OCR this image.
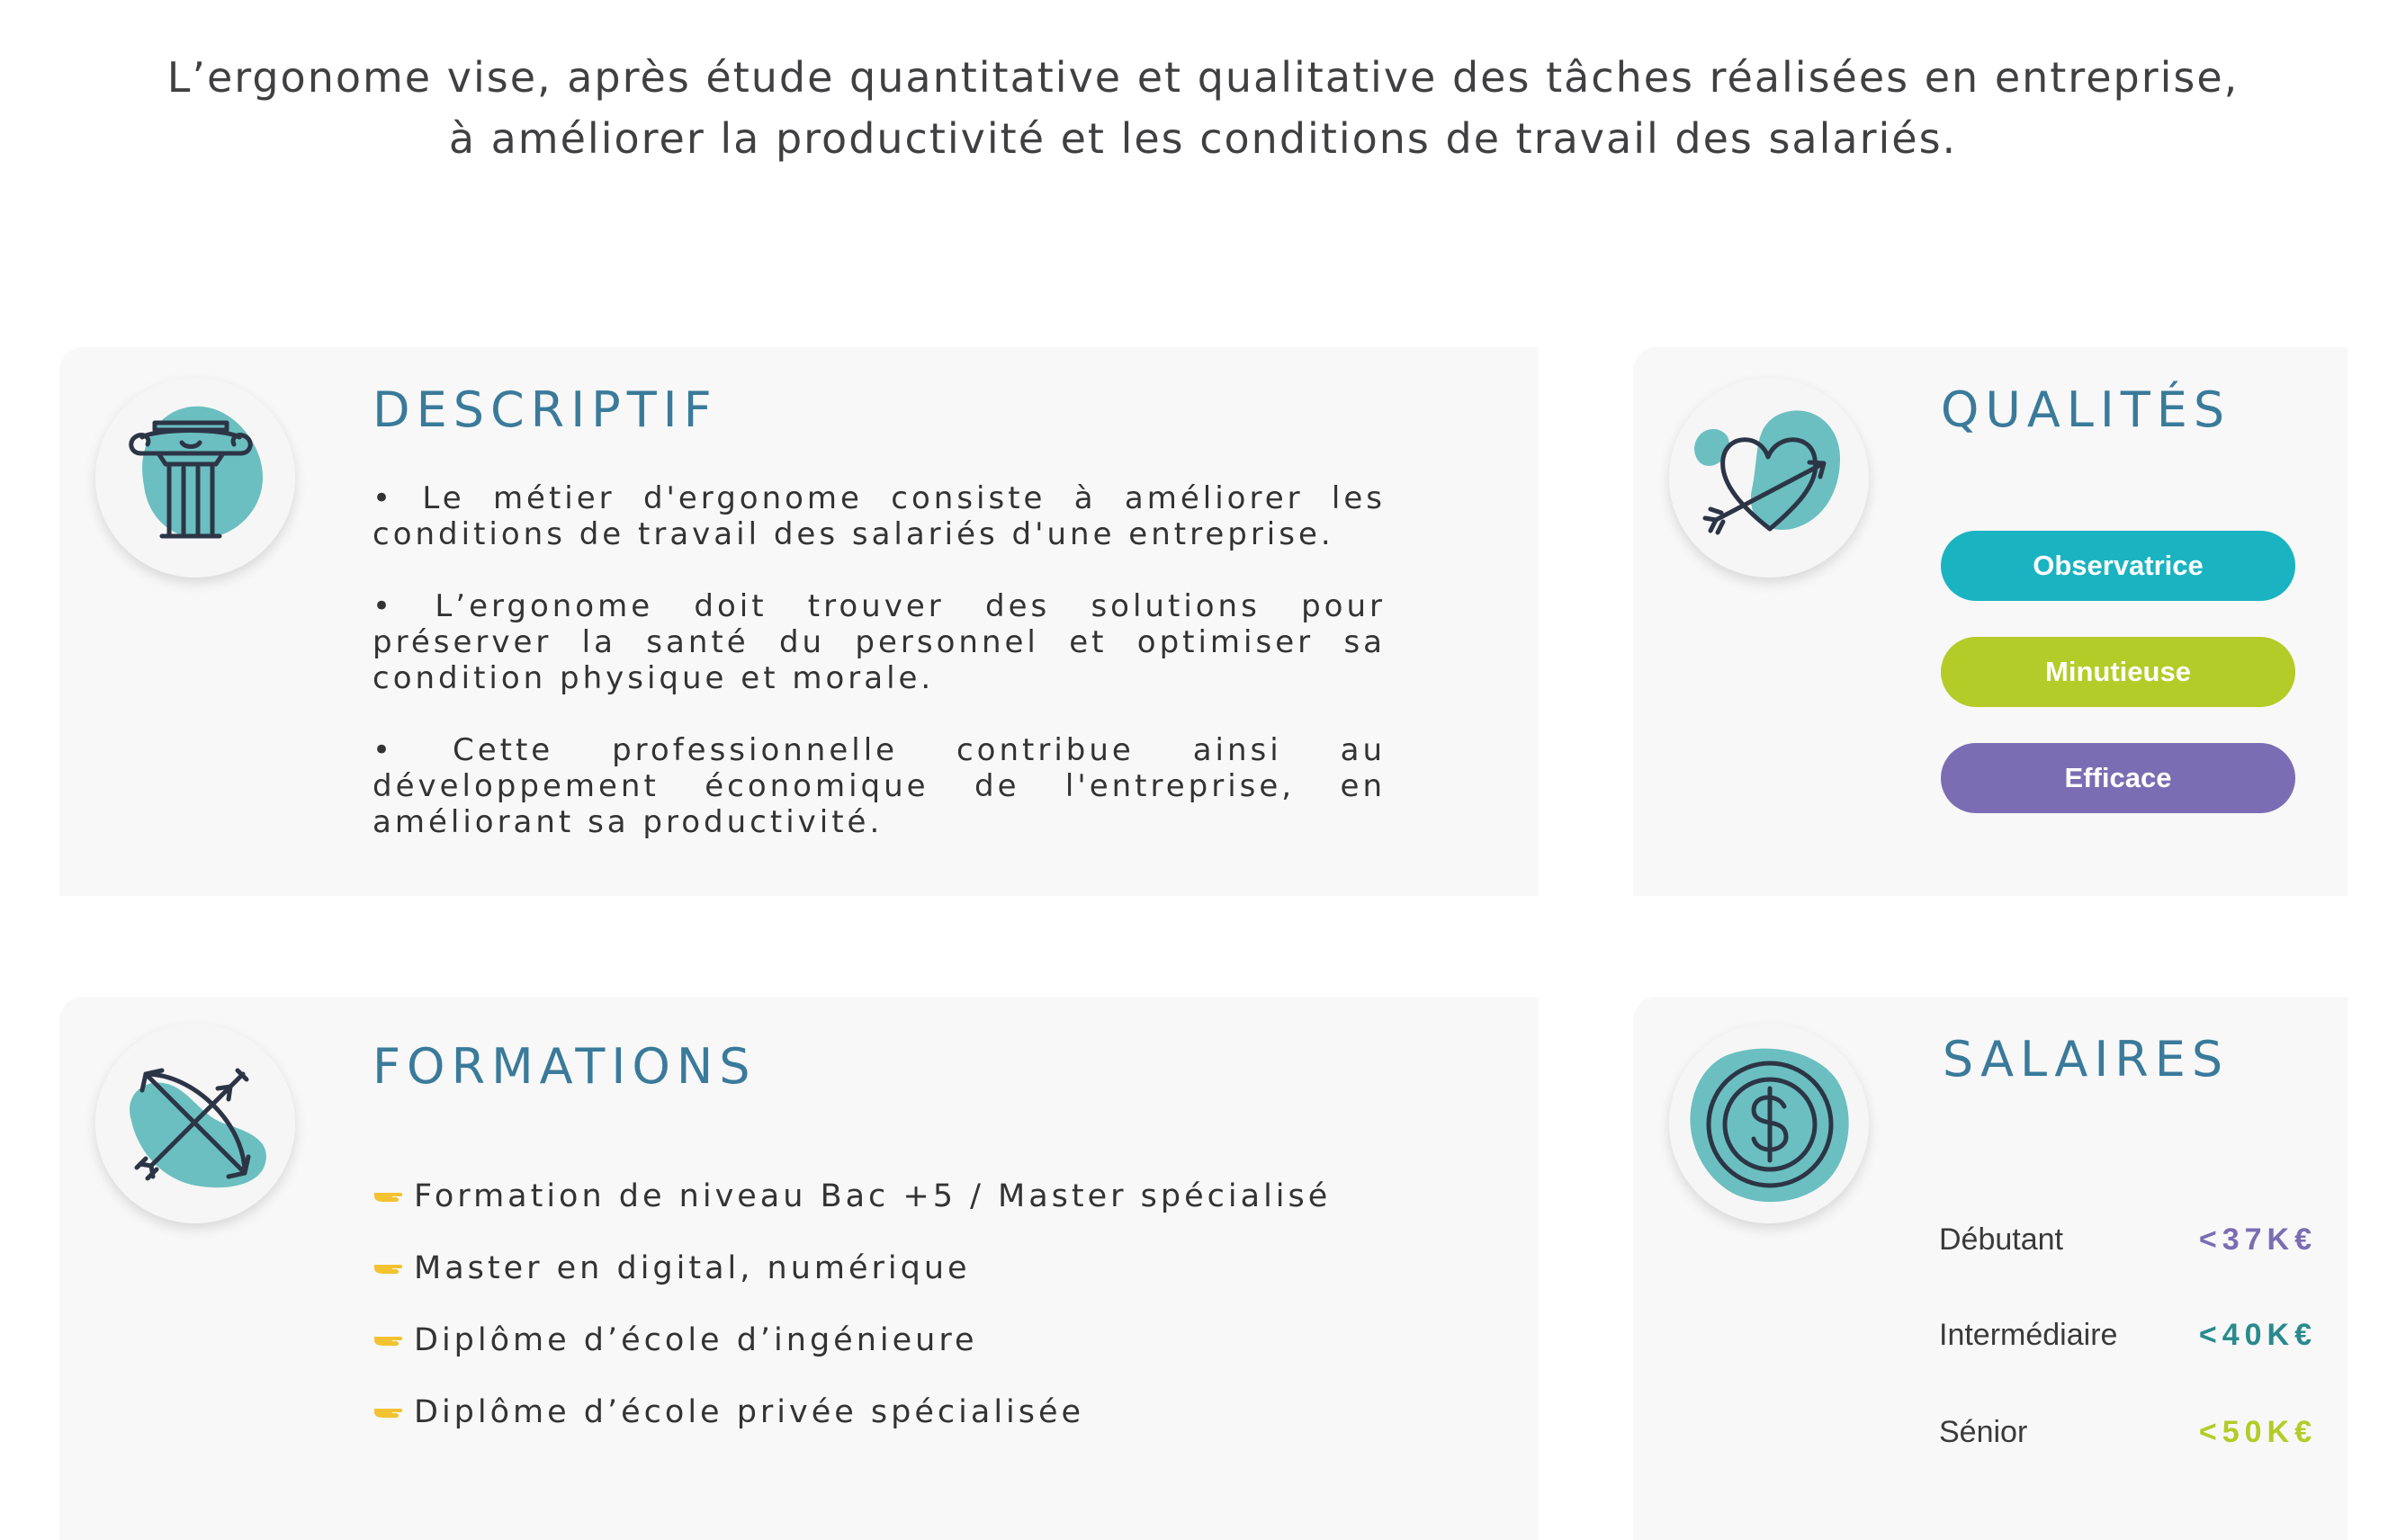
L’ergonome vise, après étude quantitative et qualitative des tâches réalisées en entreprise,

à améliorer la productivité et les conditions de travail des salariés.

DESCRIPTIF

• Le métier d'ergonome consiste à améliorer les conditions de travail des salariés d'une entreprise.

• L’ergonome doit trouver des solutions pour préserver la santé du personnel et optimiser sa condition physique et morale.

• Cette professionnelle contribue ainsi au développement économique de l'entreprise, en améliorant sa productivité.

QUALITÉS
Observatrice
Minutieuse
Efficace
FORMATIONS
Formation de niveau Bac +5 / Master spécialisé
Master en digital, numérique
Diplôme d’école d’ingénieure
Diplôme d’école privée spécialisée
SALAIRES
Débutant	<37K€
Intermédiaire	<40K€
Sénior	<50K€
